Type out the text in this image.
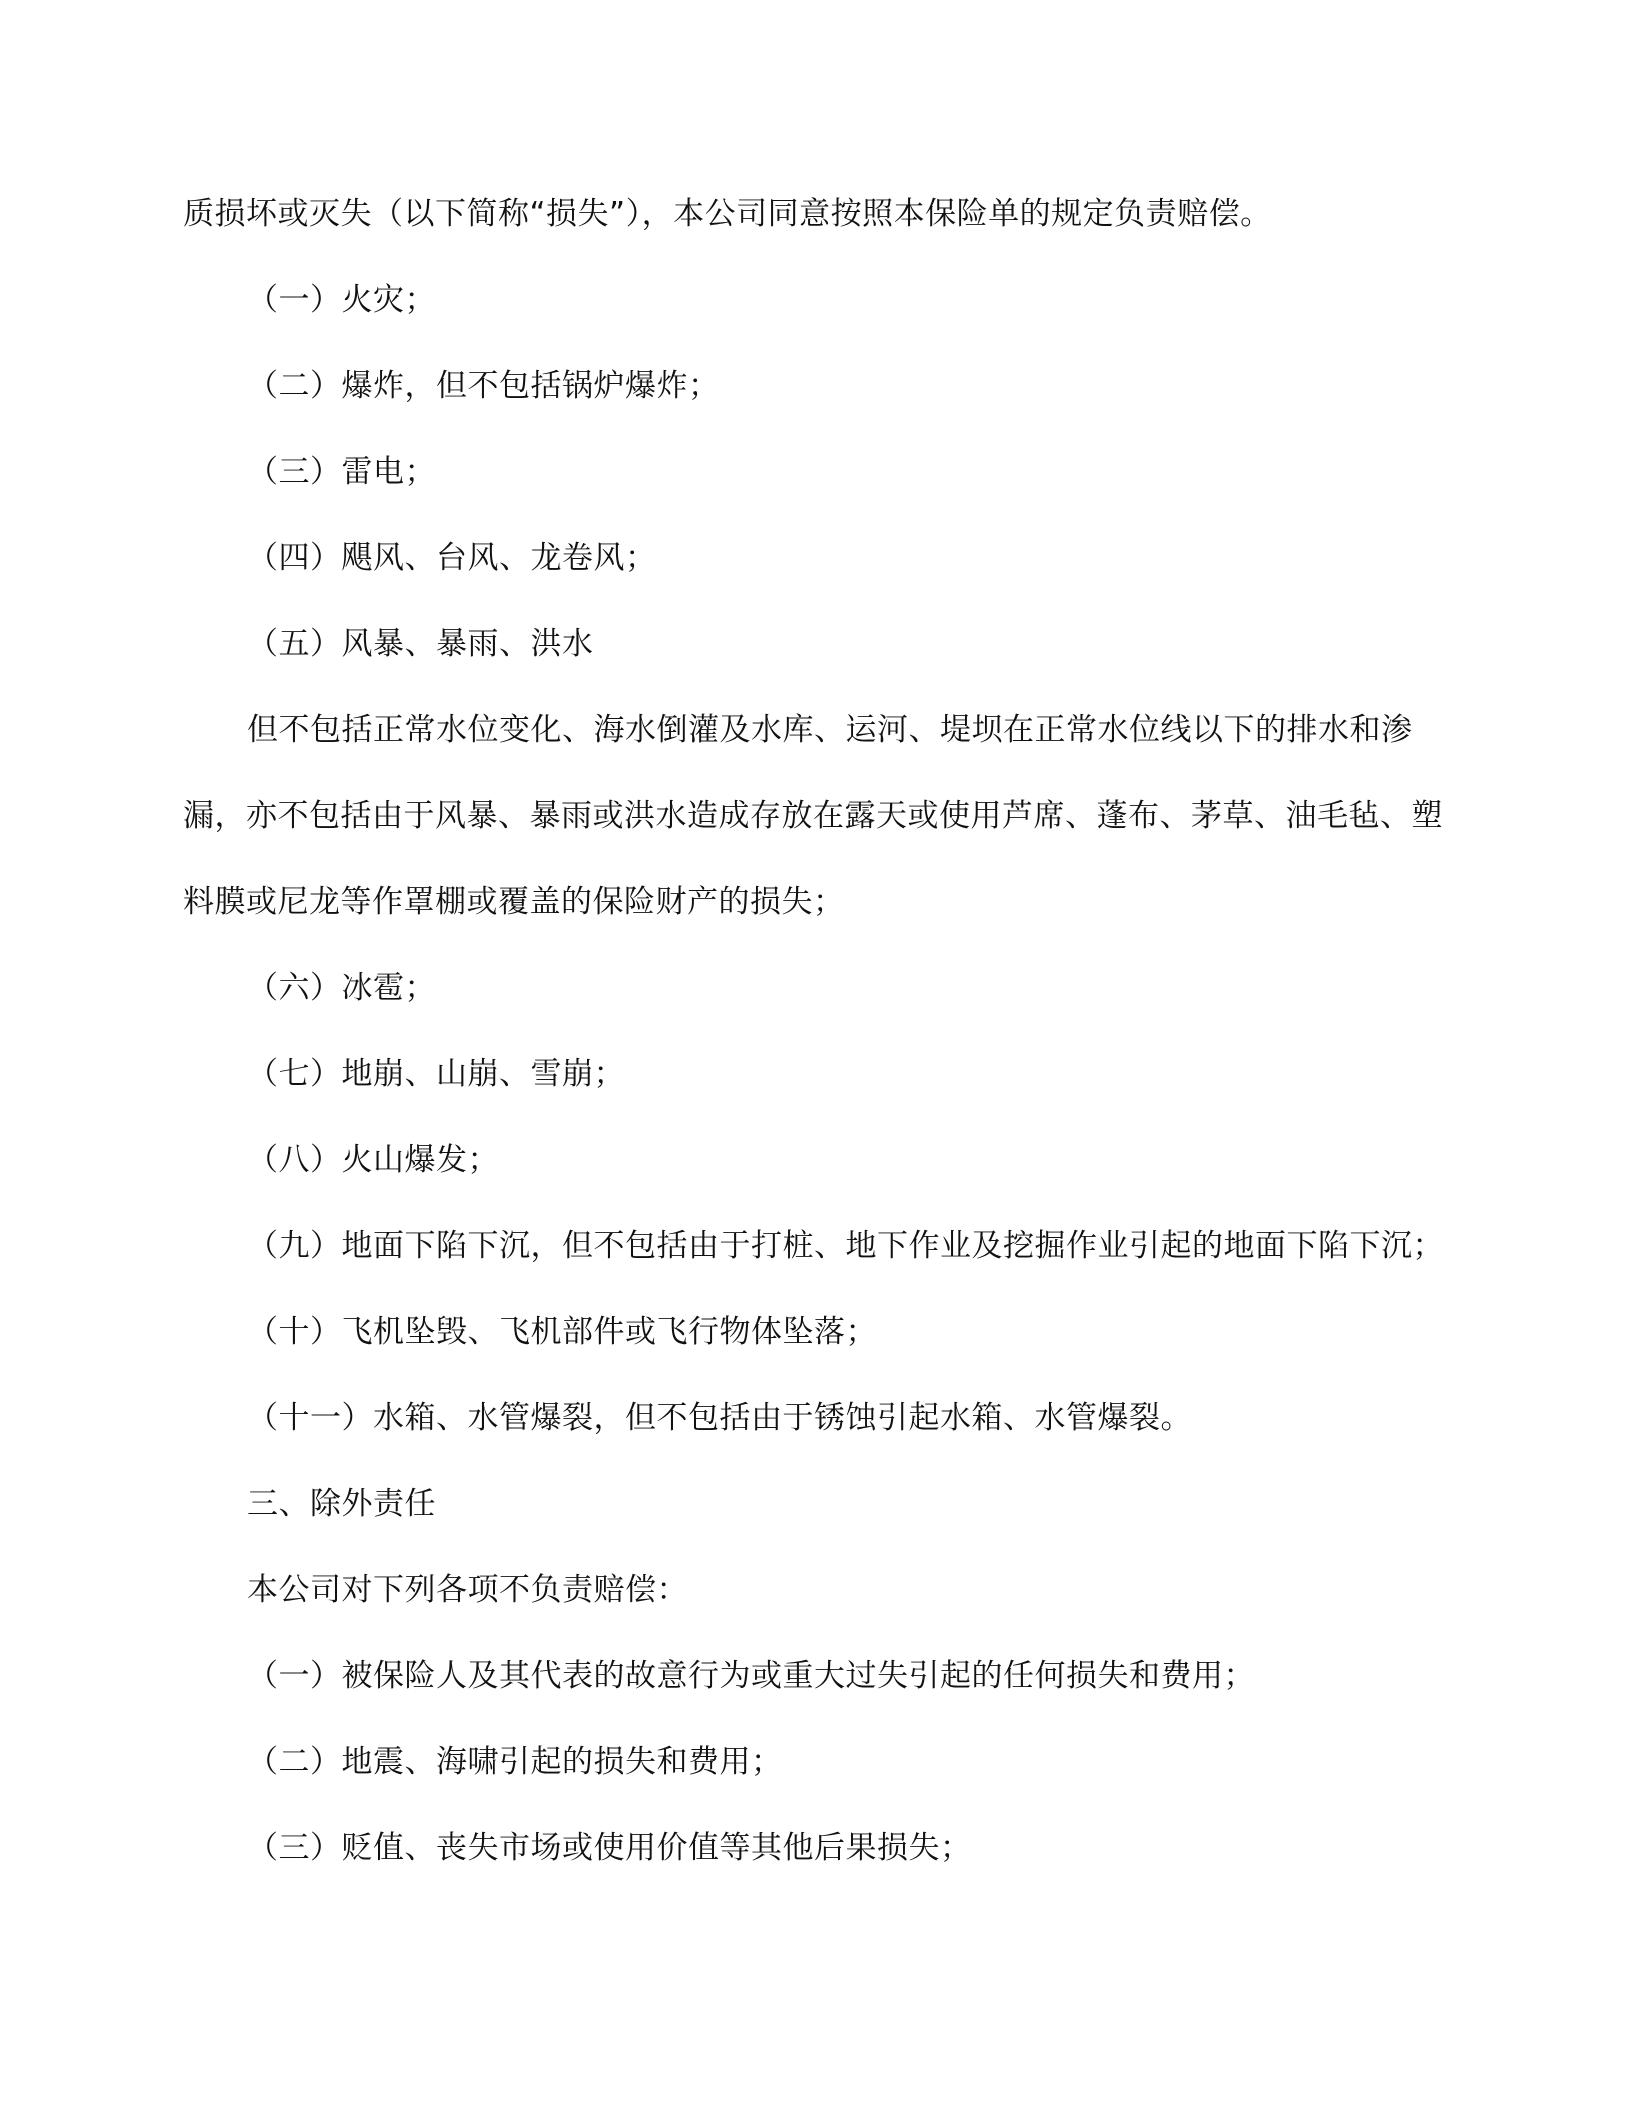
质损坏或灭失（以下简称“损失”），本公司同意按照本保险单的规定负责赔偿。
（一）火灾；
（二）爆炸，但不包括锅炉爆炸；
（三）雷电；
（四）飓风、台风、龙卷风；
（五）风暴、暴雨、洪水
但不包括正常水位变化、海水倒灌及水库、运河、堤坝在正常水位线以下的排水和渗
漏，亦不包括由于风暴、暴雨或洪水造成存放在露天或使用芦席、蓬布、茅草、油毛毡、塑
料膜或尼龙等作罩棚或覆盖的保险财产的损失；
（六）冰雹；
（七）地崩、山崩、雪崩；
（八）火山爆发；
（九）地面下陷下沉，但不包括由于打桩、地下作业及挖掘作业引起的地面下陷下沉；
（十）飞机坠毁、飞机部件或飞行物体坠落；
（十一）水箱、水管爆裂，但不包括由于锈蚀引起水箱、水管爆裂。
三、除外责任
本公司对下列各项不负责赔偿：
（一）被保险人及其代表的故意行为或重大过失引起的任何损失和费用；
（二）地震、海啸引起的损失和费用；
（三）贬值、丧失市场或使用价值等其他后果损失；
